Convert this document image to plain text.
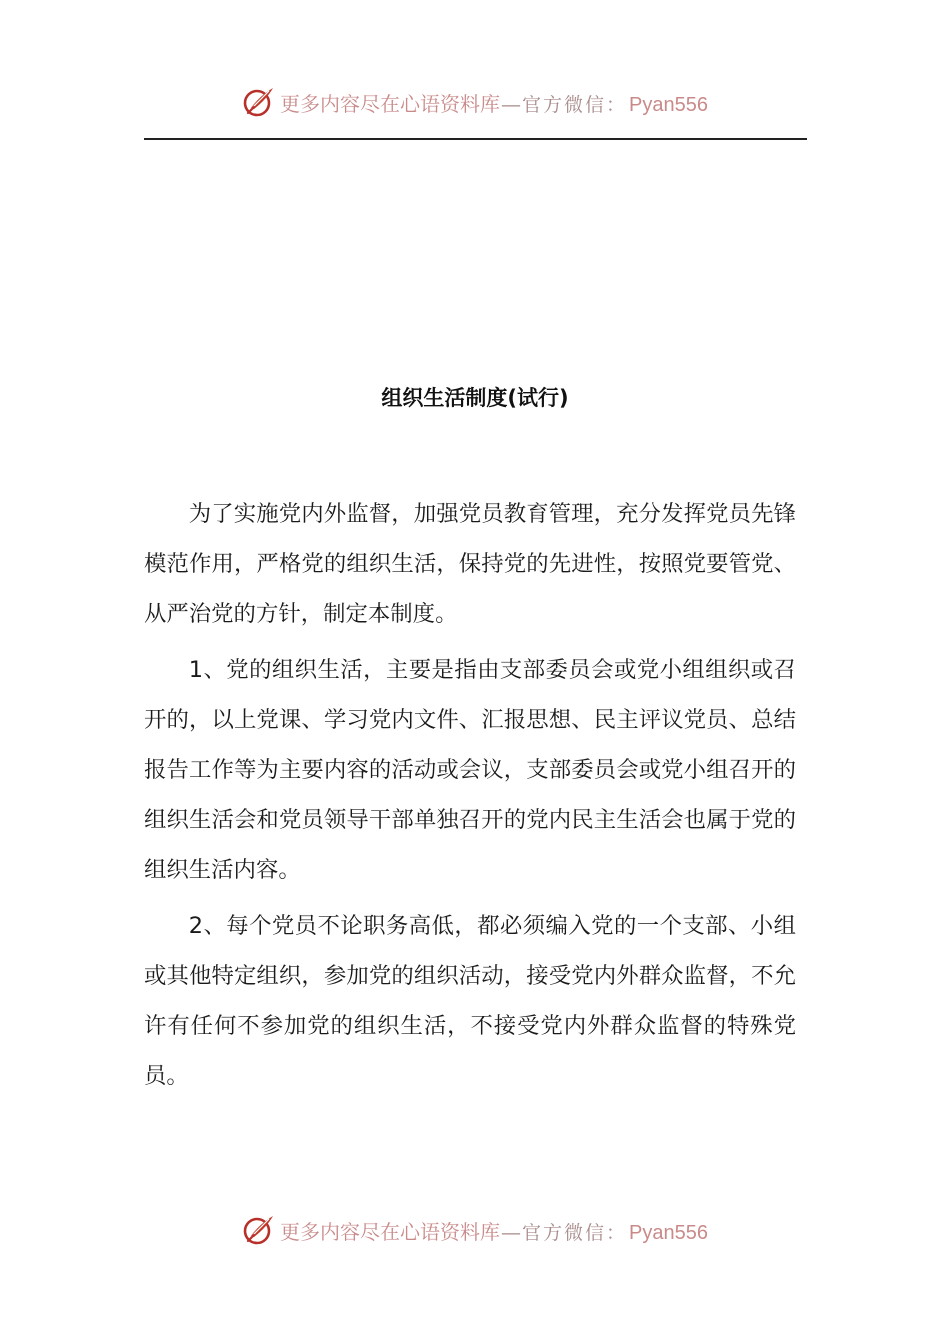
更多内容尽在心语资料库 — 官方微信： Pyan556
组织生活制度(试行)

为了实施党内外监督，加强党员教育管理，充分发挥党员先锋模范作用，严格党的组织生活，保持党的先进性，按照党要管党、从严治党的方针，制定本制度。

1、党的组织生活，主要是指由支部委员会或党小组组织或召开的，以上党课、学习党内文件、汇报思想、民主评议党员、总结报告工作等为主要内容的活动或会议，支部委员会或党小组召开的组织生活会和党员领导干部单独召开的党内民主生活会也属于党的组织生活内容。

2、每个党员不论职务高低，都必须编入党的一个支部、小组或其他特定组织，参加党的组织活动，接受党内外群众监督，不允许有任何不参加党的组织生活，不接受党内外群众监督的特殊党员。

更多内容尽在心语资料库 — 官方微信： Pyan556
